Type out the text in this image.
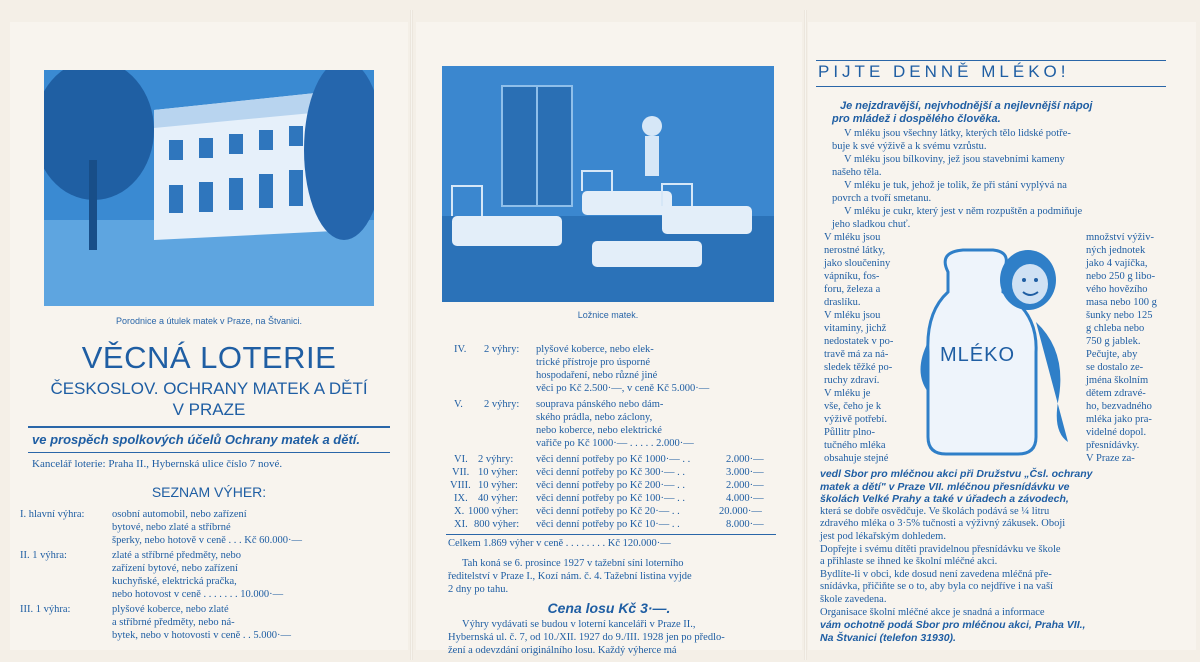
Porodnice a útulek matek v Praze, na Štvanici.
VĚCNÁ LOTERIE
ČESKOSLOV. OCHRANY MATEK A DĚTÍ
V PRAZE
ve prospěch spolkových účelů Ochrany matek a dětí.
Kancelář loterie: Praha II., Hybernská ulice číslo 7 nové.
SEZNAM VÝHER:
I. hlavní výhra:	osobní automobil, nebo zařízení
bytové, nebo zlaté a stříbrné
šperky, nebo hotově v ceně . . . Kč 60.000·—
II. 1 výhra:	zlaté a stříbrné předměty, nebo
zařízení bytové, nebo zařízení
kuchyňské, elektrická pračka,
nebo hotovost v ceně . . . . . . . 10.000·—
III. 1 výhra:	plyšové koberce, nebo zlaté
a stříbrné předměty, nebo ná-
bytek, nebo v hotovosti v ceně . . 5.000·—
Ložnice matek.
IV. 2 výhry: plyšové koberce, nebo elek-
trické přístroje pro úsporné
hospodaření, nebo různé jiné
věci po Kč 2.500·—, v ceně Kč 5.000·—
V. 2 výhry: souprava pánského nebo dám-
ského prádla, nebo záclony,
nebo koberce, nebo elektrické
vařiče po Kč 1000·— . . . . . 2.000·—
VI. 2 výhry: věci denní potřeby po Kč 1000·— . .	2.000·—
VII. 10 výher: věci denní potřeby po Kč 300·— . .	3.000·—
VIII. 10 výher: věci denní potřeby po Kč 200·— . .	2.000·—
IX. 40 výher: věci denní potřeby po Kč 100·— . .	4.000·—
X. 1000 výher: věci denní potřeby po Kč 20·— . .	20.000·—
XI. 800 výher: věci denní potřeby po Kč 10·— . .	8.000·—
Celkem 1.869 výher v ceně . . . . . . . . Kč 120.000·—
Tah koná se 6. prosince 1927 v tažební síni loterního
ředitelství v Praze I., Kozí nám. č. 4. Tažební listina vyjde
2 dny po tahu.
Cena losu Kč 3·—.
Výhry vydávati se budou v loterní kanceláři v Praze II.,
Hybernská ul. č. 7, od 10./XII. 1927 do 9./III. 1928 jen po předlo-
žení a odevzdání originálního losu. Každý výherce má
PIJTE DENNĚ MLÉKO!
Je nejzdravější, nejvhodnější a nejlevnější nápoj
pro mládež i dospělého člověka.
V mléku jsou všechny látky, kterých tělo lidské potře-
buje k své výživě a k svému vzrůstu.
V mléku jsou bílkoviny, jež jsou stavebními kameny
našeho těla.
V mléku je tuk, jehož je tolik, že při stání vyplývá na
povrch a tvoří smetanu.
V mléku je cukr, který jest v něm rozpuštěn a podmiňuje
jeho sladkou chuť.
V mléku jsou
nerostné látky,
jako sloučeniny
vápníku, fos-
foru, železa a
draslíku.
V mléku jsou
vitaminy, jichž
nedostatek v po-
travě má za ná-
sledek těžké po-
ruchy zdraví.
V mléku je
vše, čeho je k
výživě potřebí.
Půllitr plno-
tučného mléka
obsahuje stejné
množství výživ-
ných jednotek
jako 4 vajíčka,
nebo 250 g libo-
vého hovězího
masa nebo 100 g
šunky nebo 125
g chleba nebo
750 g jablek.
Pečujte, aby
se dostalo ze-
jména školním
dětem zdravé-
ho, bezvadného
mléka jako pra-
videlné dopol.
přesnídávky.
V Praze za-
MLÉKO
vedl Sbor pro mléčnou akci při Družstvu „Čsl. ochrany
matek a dětí" v Praze VII. mléčnou přesnídávku ve
školách Velké Prahy a také v úřadech a závodech,
která se dobře osvědčuje. Ve školách podává se ¼ litru
zdravého mléka o 3·5% tučnosti a výživný zákusek. Oboji
jest pod lékařským dohledem.
Dopřejte i svému dítěti pravidelnou přesnídávku ve škole
a přihlaste se ihned ke školní mléčné akci.
Bydlíte-li v obci, kde dosud není zavedena mléčná pře-
snídávka, přičiňte se o to, aby byla co nejdříve i na vaší
škole zavedena.
Organisace školní mléčné akce je snadná a informace
vám ochotně podá Sbor pro mléčnou akci, Praha VII.,
Na Štvanici (telefon 31930).
